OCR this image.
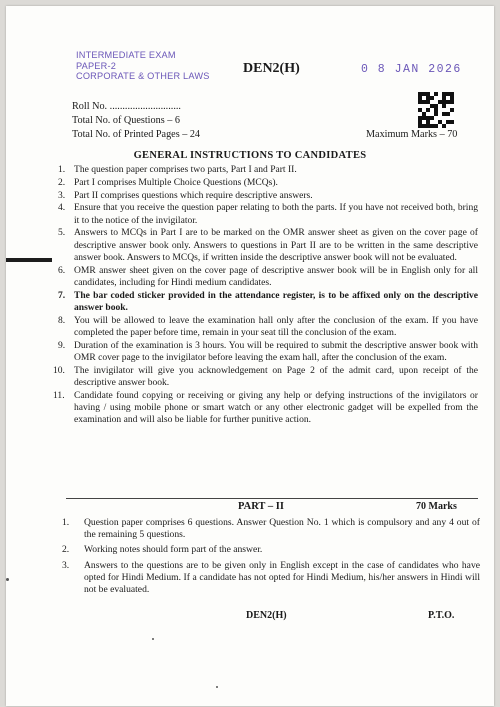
INTERMEDIATE EXAM
PAPER-2
CORPORATE & OTHER LAWS DEN2(H)	0 8 JAN 2026
Roll No. ............................
Total No. of Questions – 6
Total No. of Printed Pages – 24	Maximum Marks – 70
GENERAL INSTRUCTIONS TO CANDIDATES
1. The question paper comprises two parts, Part I and Part II.
2. Part I comprises Multiple Choice Questions (MCQs).
3. Part II comprises questions which require descriptive answers.
4. Ensure that you receive the question paper relating to both the parts. If you have not received both, bring it to the notice of the invigilator.
5. Answers to MCQs in Part I are to be marked on the OMR answer sheet as given on the cover page of descriptive answer book only. Answers to questions in Part II are to be written in the same descriptive answer book. Answers to MCQs, if written inside the descriptive answer book will not be evaluated.
6. OMR answer sheet given on the cover page of descriptive answer book will be in English only for all candidates, including for Hindi medium candidates.
7. The bar coded sticker provided in the attendance register, is to be affixed only on the descriptive answer book.
8. You will be allowed to leave the examination hall only after the conclusion of the exam. If you have completed the paper before time, remain in your seat till the conclusion of the exam.
9. Duration of the examination is 3 hours. You will be required to submit the descriptive answer book with OMR cover page to the invigilator before leaving the exam hall, after the conclusion of the exam.
10. The invigilator will give you acknowledgement on Page 2 of the admit card, upon receipt of the descriptive answer book.
11. Candidate found copying or receiving or giving any help or defying instructions of the invigilators or having / using mobile phone or smart watch or any other electronic gadget will be expelled from the examination and will also be liable for further punitive action.
PART – II	70 Marks
1. Question paper comprises 6 questions. Answer Question No. 1 which is compulsory and any 4 out of the remaining 5 questions.
2. Working notes should form part of the answer.
3. Answers to the questions are to be given only in English except in the case of candidates who have opted for Hindi Medium. If a candidate has not opted for Hindi Medium, his/her answers in Hindi will not be evaluated.
DEN2(H)	P.T.O.
